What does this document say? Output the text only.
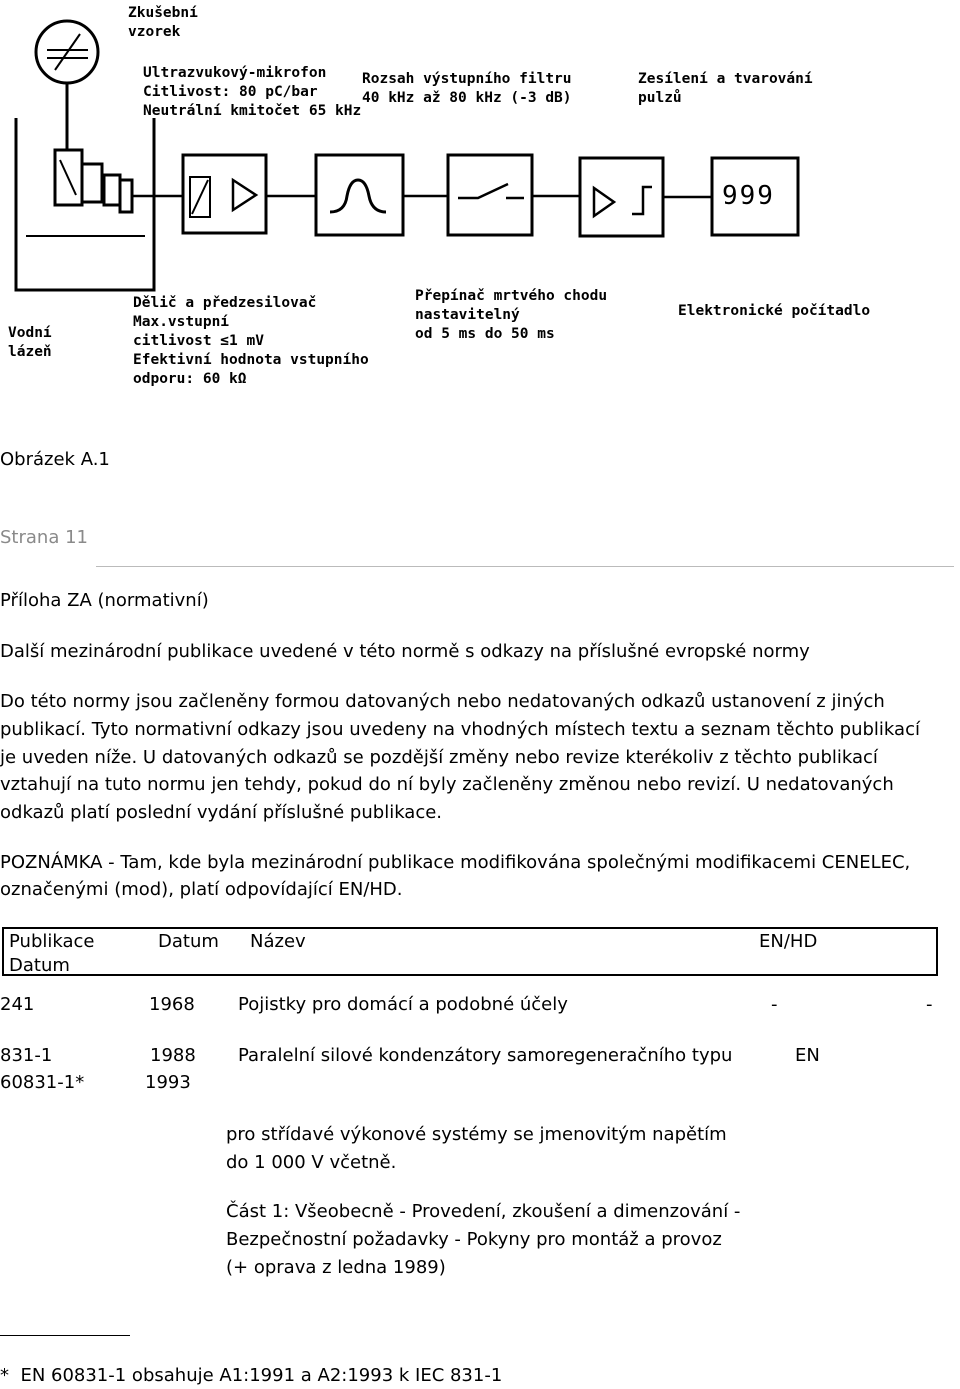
999
Zkušební
vzorek
Ultrazvukový-mikrofon
Citlivost: 80 pC/bar
Neutrální kmitočet 65 kHz
Rozsah výstupního filtru
40 kHz až 80 kHz (-3 dB)
Zesílení a tvarování
pulzů
Vodní
lázeň
Dělič a předzesilovač
Max.vstupní
citlivost ≤1 mV
Efektivní hodnota vstupního
odporu: 60 kΩ
Přepínač mrtvého chodu
nastavitelný
od 5 ms do 50 ms
Elektronické počítadlo
Obrázek A.1
Strana 11
Příloha ZA (normativní)
Další mezinárodní publikace uvedené v této normě s odkazy na příslušné evropské normy
Do této normy jsou začleněny formou datovaných nebo nedatovaných odkazů ustanovení z jiných
publikací. Tyto normativní odkazy jsou uvedeny na vhodných místech textu a seznam těchto publikací
je uveden níže. U datovaných odkazů se pozdější změny nebo revize kterékoliv z těchto publikací
vztahují na tuto normu jen tehdy, pokud do ní byly začleněny změnou nebo revizí. U nedatovaných
odkazů platí poslední vydání příslušné publikace.
POZNÁMKA - Tam, kde byla mezinárodní publikace modifikována společnými modifikacemi CENELEC,
označenými (mod), platí odpovídající EN/HD.
Publikace	Datum Název	EN/HD
Datum
241	1968 Pojistky pro domácí a podobné účely	-	-
831-1	1988 Paralelní silové kondenzátory samoregeneračního typu	EN
60831-1*	1993
pro střídavé výkonové systémy se jmenovitým napětím
do 1 000 V včetně.
Část 1: Všeobecně - Provedení, zkoušení a dimenzování -
Bezpečnostní požadavky - Pokyny pro montáž a provoz
(+ oprava z ledna 1989)
*  EN 60831-1 obsahuje A1:1991 a A2:1993 k IEC 831-1
